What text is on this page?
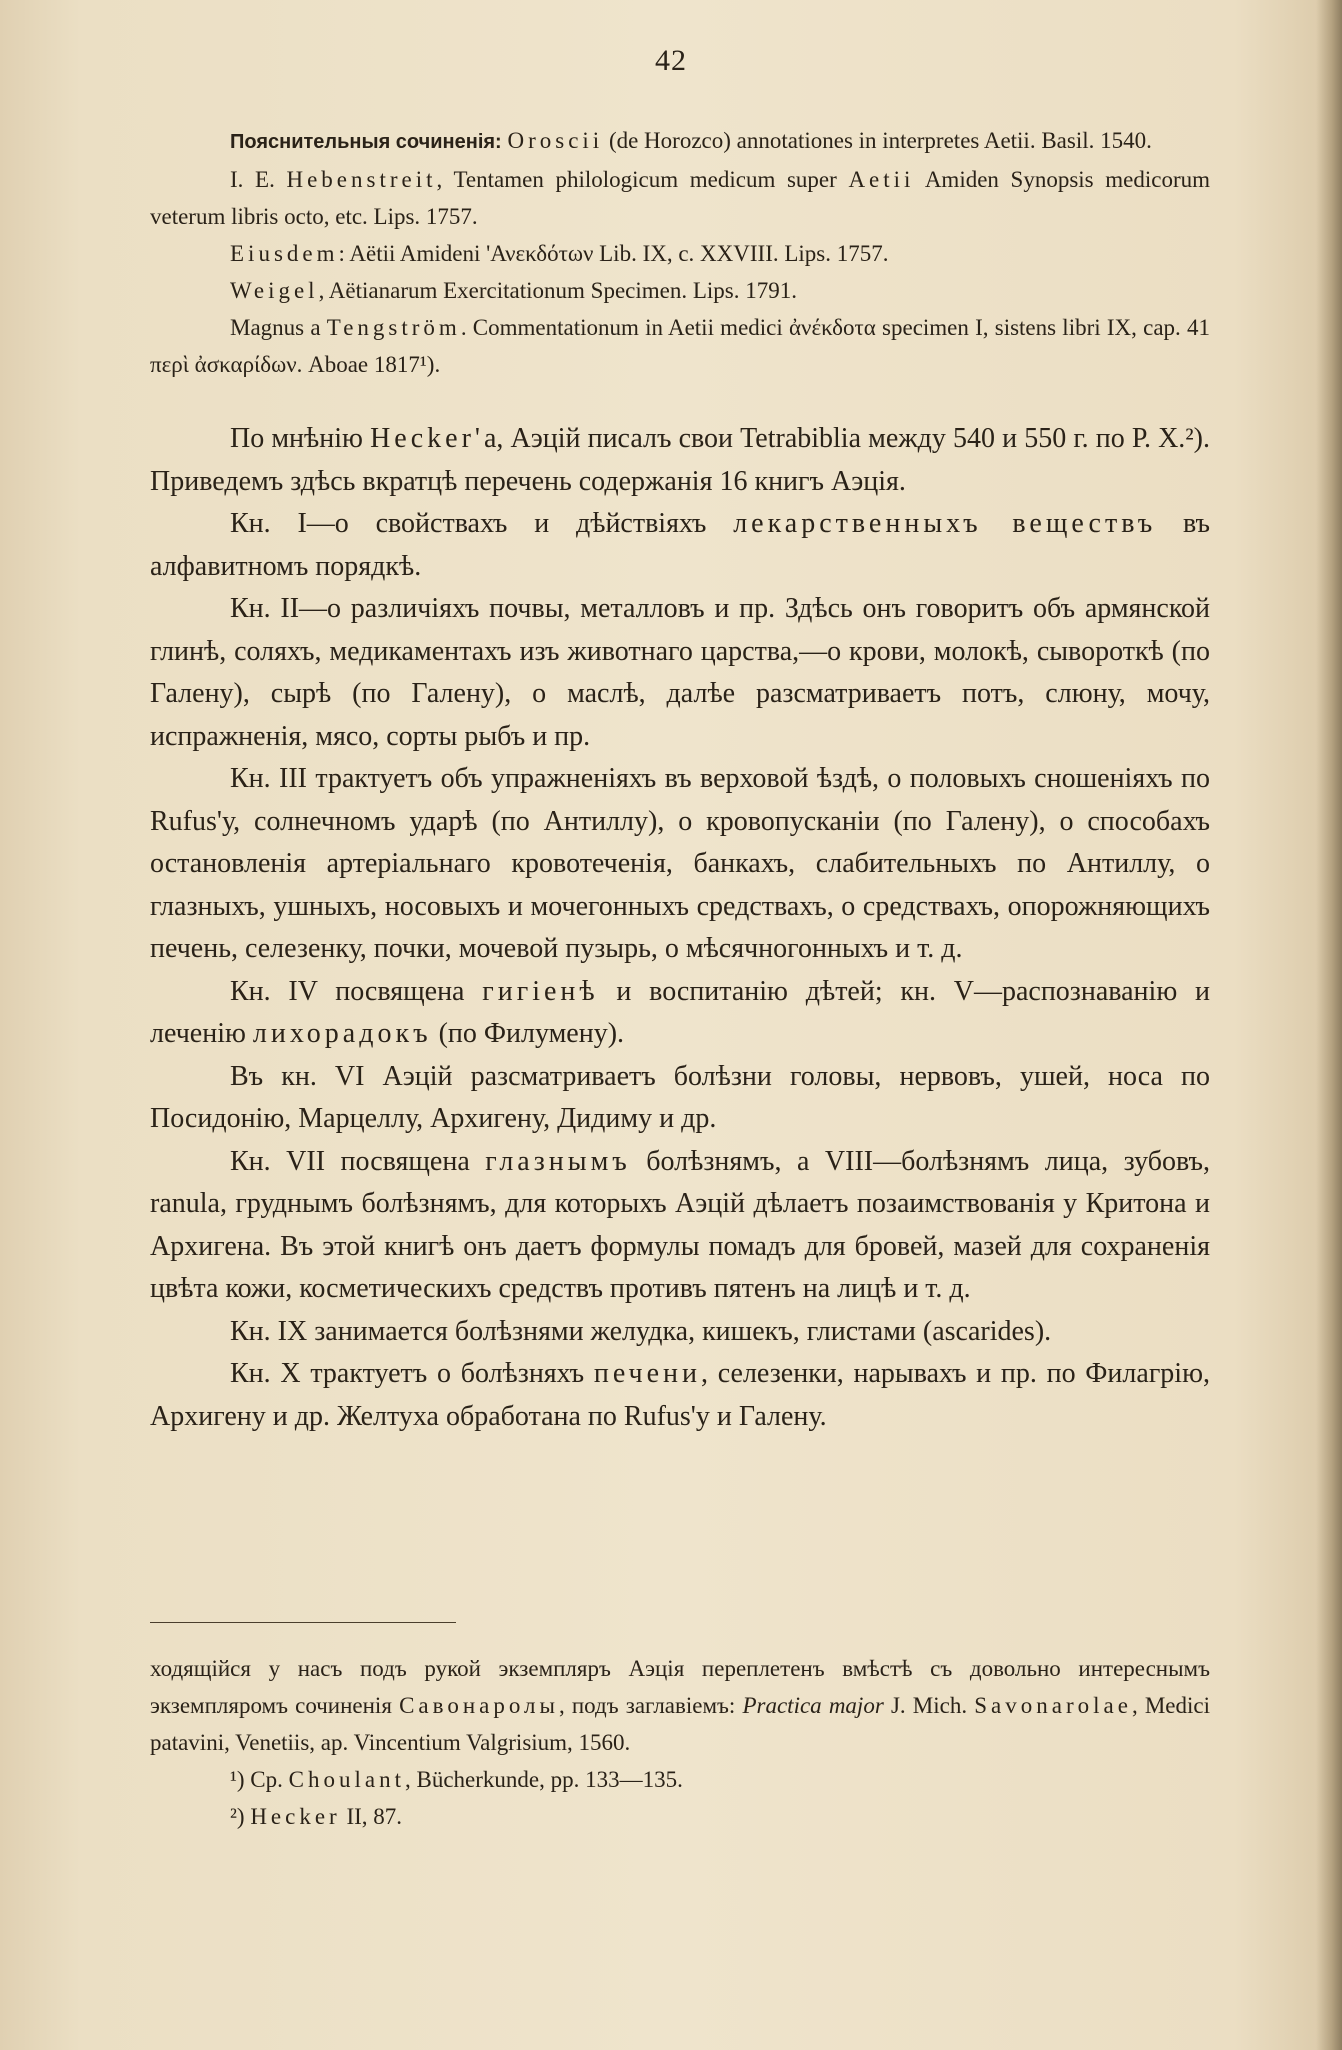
42

Пояснительныя сочиненія: Oroscii (de Horozco) annotationes in interpretes Aetii. Basil. 1540.

I. E. Hebenstreit, Tentamen philologicum medicum super Aetii Amiden Synopsis medicorum veterum libris octo, etc. Lips. 1757.

Eiusdem: Aëtii Amideni 'Ανεκδότων Lib. IX, c. XXVIII. Lips. 1757.

Weigel, Aëtianarum Exercitationum Specimen. Lips. 1791.

Magnus a Tengström. Commentationum in Aetii medici ἀνέκδοτα specimen I, sistens libri IX, cap. 41 περὶ ἀσκαρίδων. Aboae 1817¹).

По мнѣнію Hecker'а, Аэцій писалъ свои Tetrabiblia между 540 и 550 г. по Р. X.²). Приведемъ здѣсь вкратцѣ перечень содержанія 16 книгъ Аэція.

Кн. I—о свойствахъ и дѣйствіяхъ лекарственныхъ веществъ въ алфавитномъ порядкѣ.

Кн. II—о различіяхъ почвы, металловъ и пр. Здѣсь онъ говоритъ объ армянской глинѣ, соляхъ, медикаментахъ изъ животнаго царства,—о крови, молокѣ, сывороткѣ (по Галену), сырѣ (по Галену), о маслѣ, далѣе разсматриваетъ потъ, слюну, мочу, испражненія, мясо, сорты рыбъ и пр.

Кн. III трактуетъ объ упражненіяхъ въ верховой ѣздѣ, о половыхъ сношеніяхъ по Rufus'у, солнечномъ ударѣ (по Антиллу), о кровопусканіи (по Галену), о способахъ остановленія артеріальнаго кровотеченія, банкахъ, слабительныхъ по Антиллу, о глазныхъ, ушныхъ, носовыхъ и мочегонныхъ средствахъ, о средствахъ, опорожняющихъ печень, селезенку, почки, мочевой пузырь, о мѣсячногонныхъ и т. д.

Кн. IV посвящена гигіенѣ и воспитанію дѣтей; кн. V—распознаванію и леченію лихорадокъ (по Филумену).

Въ кн. VI Аэцій разсматриваетъ болѣзни головы, нервовъ, ушей, носа по Посидонію, Марцеллу, Архигену, Дидиму и др.

Кн. VII посвящена глазнымъ болѣзнямъ, а VIII—болѣзнямъ лица, зубовъ, ranula, груднымъ болѣзнямъ, для которыхъ Аэцій дѣлаетъ позаимствованія у Критона и Архигена. Въ этой книгѣ онъ даетъ формулы помадъ для бровей, мазей для сохраненія цвѣта кожи, косметическихъ средствъ противъ пятенъ на лицѣ и т. д.

Кн. IX занимается болѣзнями желудка, кишекъ, глистами (ascarides).

Кн. X трактуетъ о болѣзняхъ печени, селезенки, нарывахъ и пр. по Филагрію, Архигену и др. Желтуха обработана по Rufus'у и Галену.

ходящійся у насъ подъ рукой экземпляръ Аэція переплетенъ вмѣстѣ съ довольно интереснымъ экземпляромъ сочиненія Савонаролы, подъ заглавіемъ: Practica major J. Mich. Savonarolae, Medici patavini, Venetiis, ap. Vincentium Valgrisium, 1560.

¹) Cp. Choulant, Bücherkunde, pp. 133—135.

²) Hecker II, 87.
